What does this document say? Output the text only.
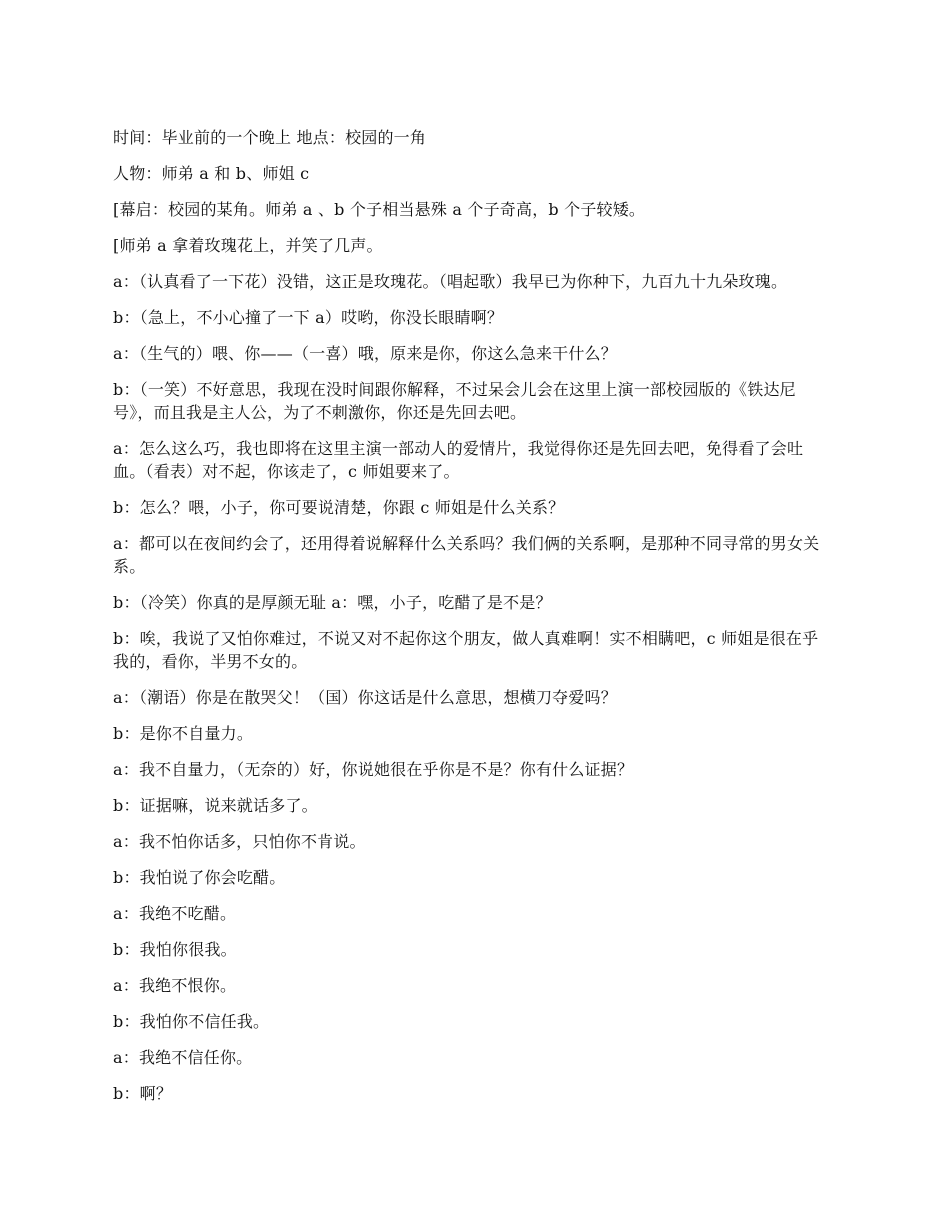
时间：毕业前的一个晚上 地点：校园的一角

人物：师弟 a 和 b、师姐 c

[幕启：校园的某角。师弟 a 、b 个子相当悬殊 a 个子奇高，b 个子较矮。

[师弟 a 拿着玫瑰花上，并笑了几声。

a：（认真看了一下花）没错，这正是玫瑰花。（唱起歌）我早已为你种下，九百九十九朵玫瑰。

b：（急上，不小心撞了一下 a）哎哟，你没长眼睛啊？

a：（生气的）喂、你——（一喜）哦，原来是你，你这么急来干什么？

b：（一笑）不好意思，我现在没时间跟你解释，不过呆会儿会在这里上演一部校园版的《铁达尼号》，而且我是主人公，为了不刺激你，你还是先回去吧。

a：怎么这么巧，我也即将在这里主演一部动人的爱情片，我觉得你还是先回去吧，免得看了会吐血。（看表）对不起，你该走了，c 师姐要来了。

b：怎么？喂，小子，你可要说清楚，你跟 c 师姐是什么关系？

a：都可以在夜间约会了，还用得着说解释什么关系吗？我们俩的关系啊，是那种不同寻常的男女关系。

b：（冷笑）你真的是厚颜无耻 a：嘿，小子，吃醋了是不是？

b：唉，我说了又怕你难过，不说又对不起你这个朋友，做人真难啊！实不相瞒吧，c 师姐是很在乎我的，看你，半男不女的。

a：（潮语）你是在散哭父！（国）你这话是什么意思，想横刀夺爱吗？

b：是你不自量力。

a：我不自量力，（无奈的）好，你说她很在乎你是不是？你有什么证据？

b：证据嘛，说来就话多了。

a：我不怕你话多，只怕你不肯说。

b：我怕说了你会吃醋。

a：我绝不吃醋。

b：我怕你很我。

a：我绝不恨你。

b：我怕你不信任我。

a：我绝不信任你。

b：啊？
